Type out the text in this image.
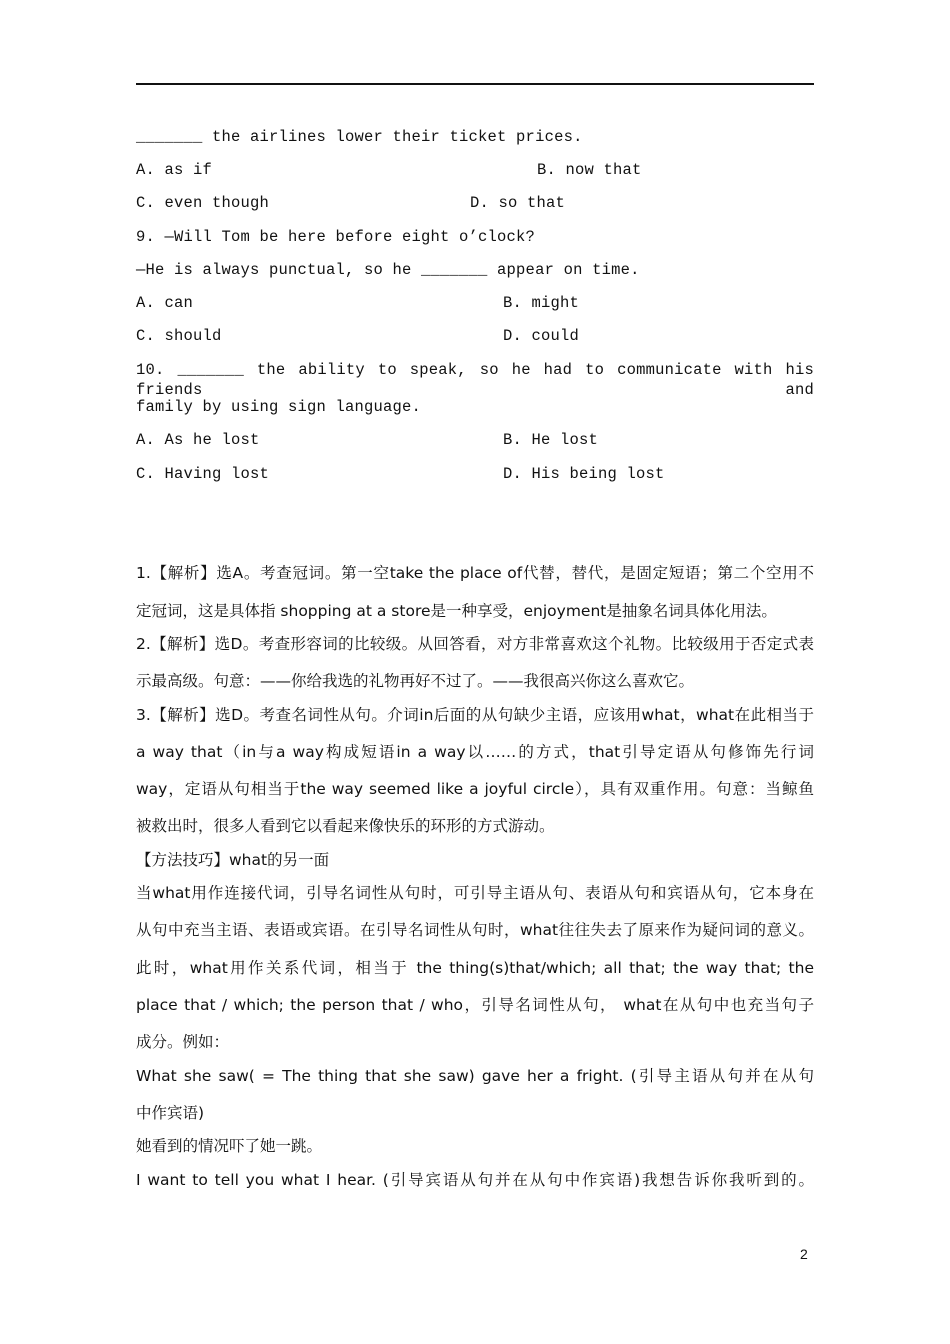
_______ the airlines lower their ticket prices.
A. as if	B. now that
C. even though	D. so that
9. —Will Tom be here before eight o’clock?
—He is always punctual, so he _______ appear on time.
A. can	B. might
C. should	D. could
10. _______ the ability to speak, so he had to communicate with his friends and
family by using sign language.
A. As he lost	B. He lost
C. Having lost	D. His being lost
1.【解析】选A。考查冠词。第一空take the place of代替，替代，是固定短语；第二个空用不
定冠词，这是具体指 shopping at a store是一种享受，enjoyment是抽象名词具体化用法。
2.【解析】选D。考查形容词的比较级。从回答看，对方非常喜欢这个礼物。比较级用于否定式表
示最高级。句意：——你给我选的礼物再好不过了。——我很高兴你这么喜欢它。
3.【解析】选D。考查名词性从句。介词in后面的从句缺少主语，应该用what，what在此相当于
a way that（in与a way构成短语in a way以……的方式，that引导定语从句修饰先行词
way，定语从句相当于the way seemed like a joyful circle），具有双重作用。句意：当鲸鱼
被救出时，很多人看到它以看起来像快乐的环形的方式游动。
【方法技巧】what的另一面
当what用作连接代词，引导名词性从句时，可引导主语从句、表语从句和宾语从句，它本身在
从句中充当主语、表语或宾语。在引导名词性从句时，what往往失去了原来作为疑问词的意义。
此时，what用作关系代词，相当于 the thing(s)that/which; all that; the way that; the
place that / which; the person that / who，引导名词性从句， what在从句中也充当句子
成分。例如：
What she saw( = The thing that she saw) gave her a fright. (引导主语从句并在从句
中作宾语)
她看到的情况吓了她一跳。
I want to tell you what I hear. (引导宾语从句并在从句中作宾语)我想告诉你我听到的。
2
